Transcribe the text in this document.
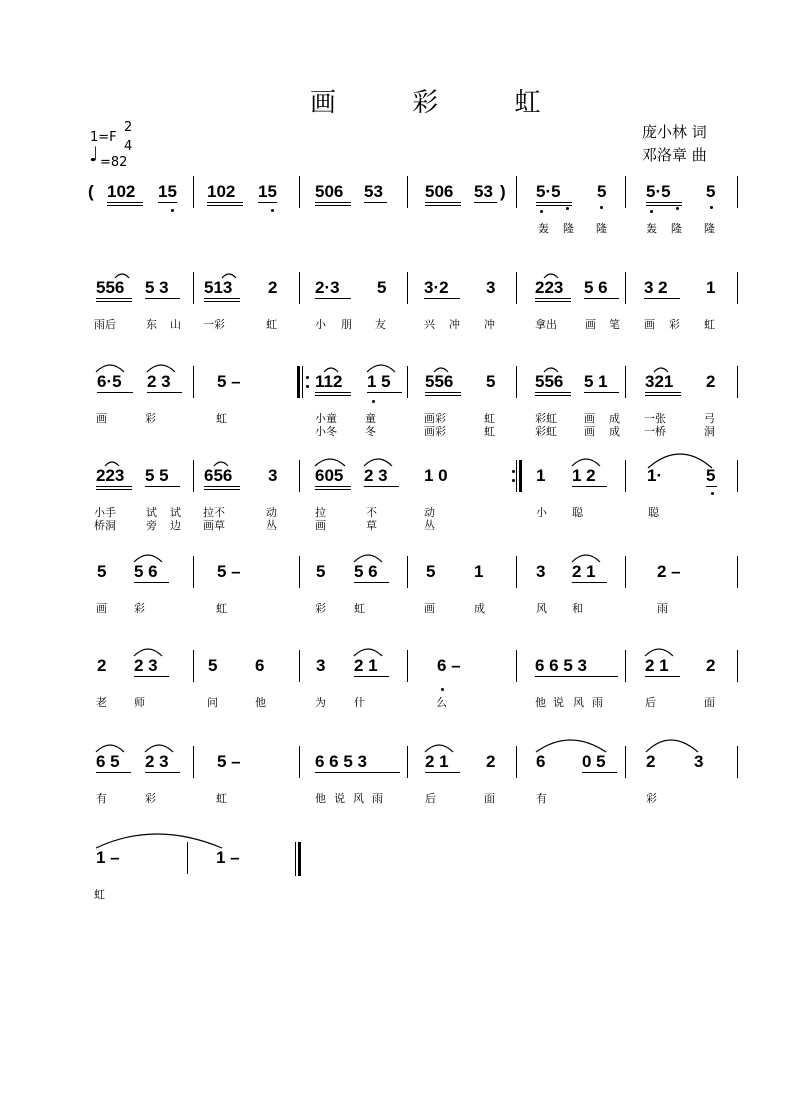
画 彩 虹
1=F
2
4
♩ =82
庞小林 词
邓洛章 曲
( 102 15 102 15 506 53 506 53 ) 5·5 5 5·5 5
轰 隆 隆	轰 隆 隆
556 5 3 513 2 2·3 5 3·2 3 223 5 6 3 2 1
雨后	东 山 一彩	虹	小 朋 友	兴 冲 冲	拿出	画 笔 画 彩 虹
6·5 2 3	5 –	112 1 5 556 5 556 5 1 321 2
画	彩	虹	小童	童	画彩	虹	彩虹 画 成 一张	弓
小冬	冬	画彩	虹	彩虹 画 成 一桥	洞
223 5 5 656 3 605 2 3 1 0	1 1 2	1·	5
小手	试 试 拉不	动	拉	不	动	小 聪	聪
桥洞	旁 边 画草	丛	画	草	丛
5 5 6	5 –	5 5 6	5 1	3 2 1	2 –
画 彩	虹	彩	虹	画	成	风 和	雨
2 2 3	5 6	3 2 1	6 –	6 6 5 3	2 1 2
老 师	问	他	为	什	么	他 说 风 雨	后	面
6 5 2 3	5 –	6 6 5 3	2 1 2 6 0 5 2 3
有	彩	虹	他 说 风 雨	后	面	有	彩
1 –	1 –
虹
